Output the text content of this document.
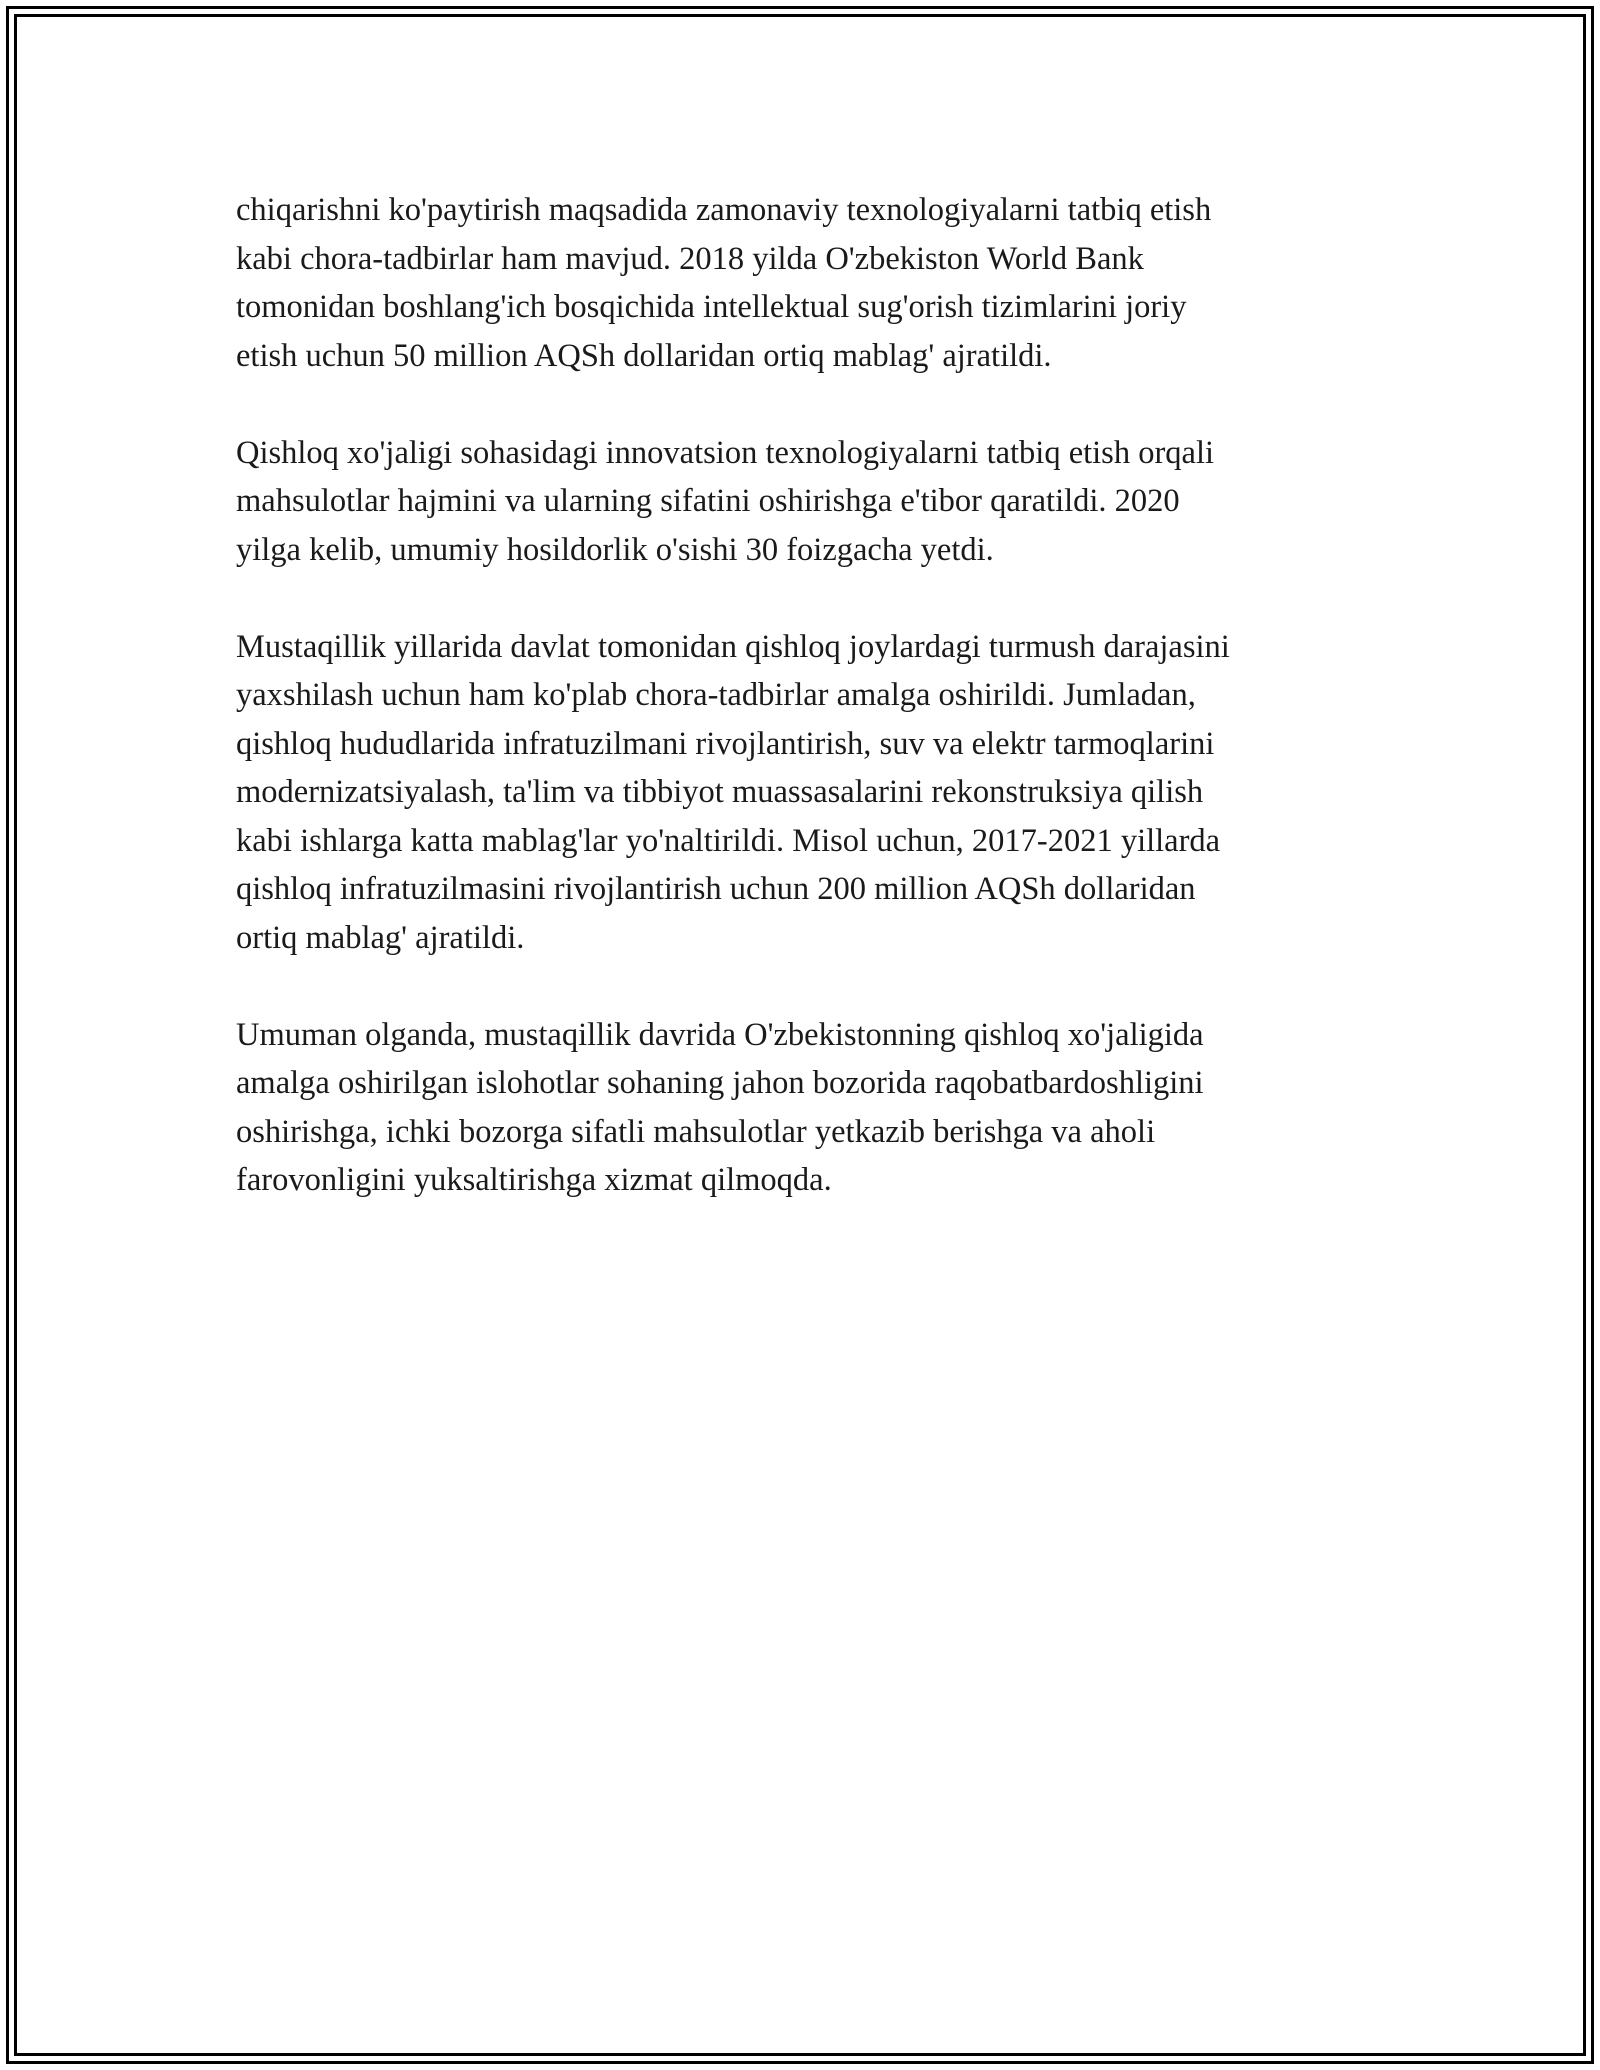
chiqarishni ko'paytirish maqsadida zamonaviy texnologiyalarni tatbiq etish
kabi chora-tadbirlar ham mavjud. 2018 yilda O'zbekiston World Bank
tomonidan boshlang'ich bosqichida intellektual sug'orish tizimlarini joriy
etish uchun 50 million AQSh dollaridan ortiq mablag' ajratildi.

Qishloq xo'jaligi sohasidagi innovatsion texnologiyalarni tatbiq etish orqali
mahsulotlar hajmini va ularning sifatini oshirishga e'tibor qaratildi. 2020
yilga kelib, umumiy hosildorlik o'sishi 30 foizgacha yetdi.

Mustaqillik yillarida davlat tomonidan qishloq joylardagi turmush darajasini
yaxshilash uchun ham ko'plab chora-tadbirlar amalga oshirildi. Jumladan,
qishloq hududlarida infratuzilmani rivojlantirish, suv va elektr tarmoqlarini
modernizatsiyalash, ta'lim va tibbiyot muassasalarini rekonstruksiya qilish
kabi ishlarga katta mablag'lar yo'naltirildi. Misol uchun, 2017-2021 yillarda
qishloq infratuzilmasini rivojlantirish uchun 200 million AQSh dollaridan
ortiq mablag' ajratildi.

Umuman olganda, mustaqillik davrida O'zbekistonning qishloq xo'jaligida
amalga oshirilgan islohotlar sohaning jahon bozorida raqobatbardoshligini
oshirishga, ichki bozorga sifatli mahsulotlar yetkazib berishga va aholi
farovonligini yuksaltirishga xizmat qilmoqda.
